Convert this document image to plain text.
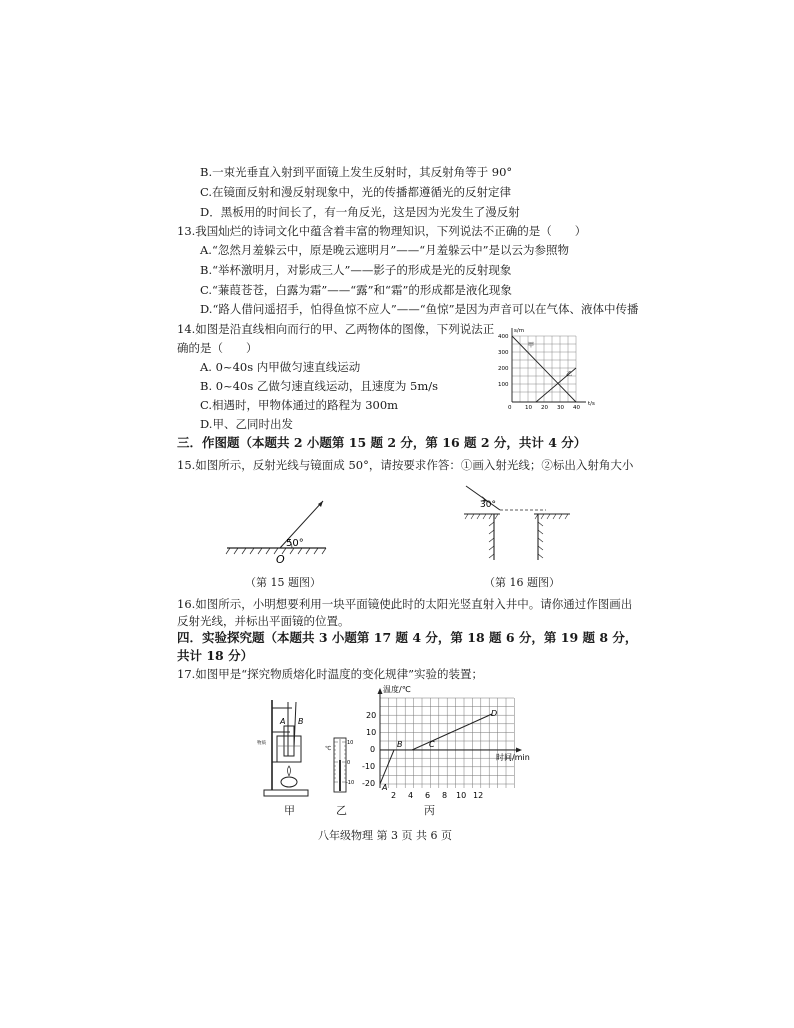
B.一束光垂直入射到平面镜上发生反射时，其反射角等于 90°
C.在镜面反射和漫反射现象中，光的传播都遵循光的反射定律
D．黑板用的时间长了，有一角反光，这是因为光发生了漫反射
13.我国灿烂的诗词文化中蕴含着丰富的物理知识，下列说法不正确的是（　　）
A.“忽然月羞躲云中，原是晚云遮明月”——“月羞躲云中”是以云为参照物
B.“举杯激明月，对影成三人”——影子的形成是光的反射现象
C.“蒹葭苍苍，白露为霜”——“露”和“霜”的形成都是液化现象
D.“路人借问遥招手，怕得鱼惊不应人”——“鱼惊”是因为声音可以在气体、液体中传播
14.如图是沿直线相向而行的甲、乙两物体的图像，下列说法正
确的是（　　）
A. 0~40s 内甲做匀速直线运动
B. 0~40s 乙做匀速直线运动，且速度为 5m/s
C.相遇时，甲物体通过的路程为 300m
D.甲、乙同时出发
s/m
t/s
0
400
300
200
100
10 20 30 40
甲
乙
三．作图题（本题共 2 小题第 15 题 2 分，第 16 题 2 分，共计 4 分）
15.如图所示，反射光线与镜面成 50°，请按要求作答：①画入射光线；②标出入射角大小
50°
O
（第 15 题图）
30°
（第 16 题图）
16.如图所示，小明想要利用一块平面镜使此时的太阳光竖直射入井中。请你通过作图画出
反射光线，并标出平面镜的位置。
四．实验探究题（本题共 3 小题第 17 题 4 分，第 18 题 6 分，第 19 题 8 分，
共计 18 分）
17.如图甲是“探究物质熔化时温度的变化规律”实验的装置；
A B
物质
甲
℃
10
0
-10
乙
温度/℃
时间/min
20
10
0
-10
-20
2 4 6 8 10 12
A
B	C
D
丙
八年级物理 第 3 页 共 6 页
